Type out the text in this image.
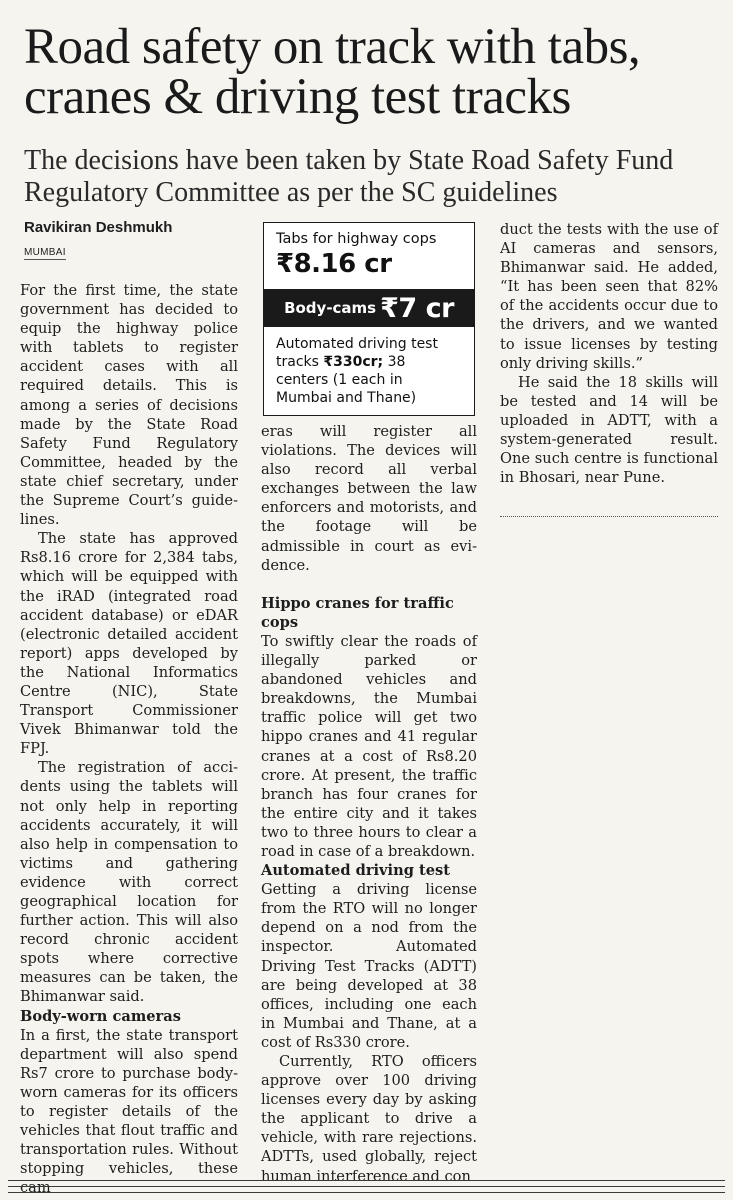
Road safety on track with tabs, cranes & driving test tracks
The decisions have been taken by State Road Safety Fund Regulatory Committee as per the SC guidelines
Ravikiran Deshmukh
MUMBAI

For the first time, the state government has decided to equip the highway police with tablets to register accident cases with all required details. This is among a series of decisions made by the State Road Safety Fund Regulatory Committee, headed by the state chief secretary, under the Supreme Court’s guidelines.

The state has approved Rs8.16 crore for 2,384 tabs, which will be equipped with the iRAD (integrated road accident database) or eDAR (electronic detailed accident report) apps developed by the National Informatics Centre (NIC), State Transport Commissioner Vivek Bhimanwar told the FPJ.

The registration of accidents using the tablets will not only help in reporting accidents accurately, it will also help in compensation to victims and gathering evidence with correct geographical location for further action. This will also record chronic accident spots where corrective measures can be taken, the Bhimanwar said.

Body-worn cameras

In a first, the state transport department will also spend Rs7 crore to purchase bodyworn cameras for its officers to register details of the vehicles that flout traffic and transportation rules. Without stopping vehicles, these cam

Tabs for highway cops
₹8.16 cr
Body-cams ₹7 cr
Automated driving test tracks ₹330cr; 38 centers (1 each in Mumbai and Thane)

eras will register all violations. The devices will also record all verbal exchanges between the law enforcers and motorists, and the footage will be admissible in court as evidence.

Hippo cranes for traffic cops

To swiftly clear the roads of illegally parked or abandoned vehicles and breakdowns, the Mumbai traffic police will get two hippo cranes and 41 regular cranes at a cost of Rs8.20 crore. At present, the traffic branch has four cranes for the entire city and it takes two to three hours to clear a road in case of a breakdown.

Automated driving test

Getting a driving license from the RTO will no longer depend on a nod from the inspector. Automated Driving Test Tracks (ADTT) are being developed at 38 offices, including one each in Mumbai and Thane, at a cost of Rs330 crore.

Currently, RTO officers approve over 100 driving licenses every day by asking the applicant to drive a vehicle, with rare rejections. ADTTs, used globally, reject human interference and con

duct the tests with the use of AI cameras and sensors, Bhimanwar said. He added, “It has been seen that 82% of the accidents occur due to the drivers, and we wanted to issue licenses by testing only driving skills.”

He said the 18 skills will be tested and 14 will be uploaded in ADTT, with a system-generated result. One such centre is functional in Bhosari, near Pune.
